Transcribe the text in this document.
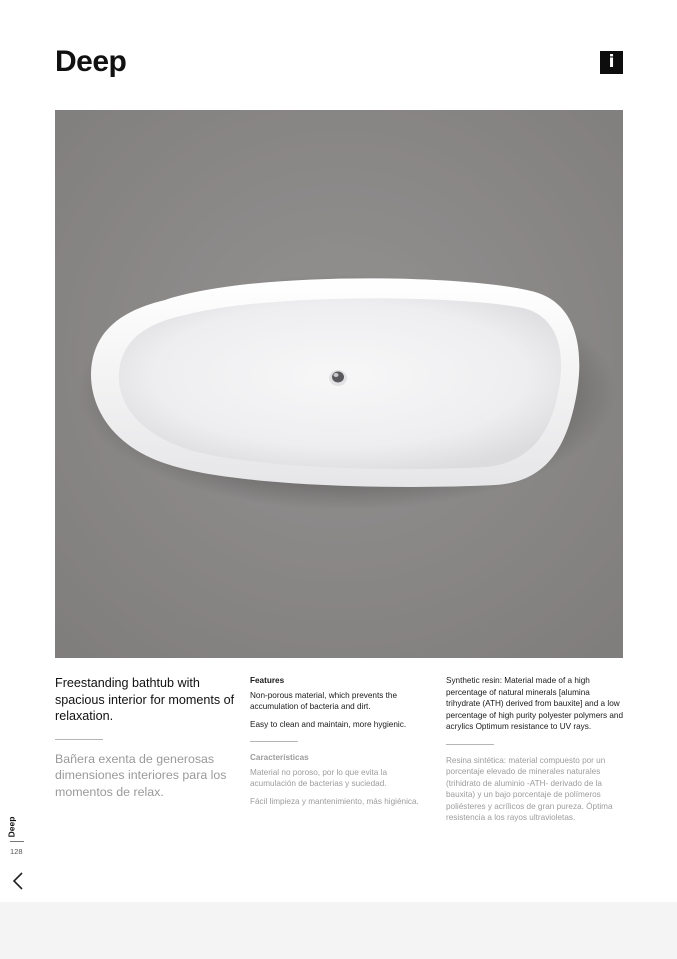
Deep	i

Freestanding bathtub with spacious interior for moments of relaxation.

Bañera exenta de generosas dimensiones interiores para los momentos de relax.

Features

Non-porous material, which prevents the accumulation of bacteria and dirt.

Easy to clean and maintain, more hygienic.

Características

Material no poroso, por lo que evita la acumulación de bacterias y suciedad.

Fácil limpieza y mantenimiento, más higiénica.

Synthetic resin: Material made of a high percentage of natural minerals [alumina trihydrate (ATH) derived from bauxite] and a low percentage of high purity polyester polymers and acrylics Optimum resistance to UV rays.

Resina sintética: material compuesto por un porcentaje elevado de minerales naturales (trihidrato de aluminio -ATH- derivado de la bauxita) y un bajo porcentaje de polímeros poliésteres y acrílicos de gran pureza. Óptima resistencia a los rayos ultravioletas.

Deep
128
